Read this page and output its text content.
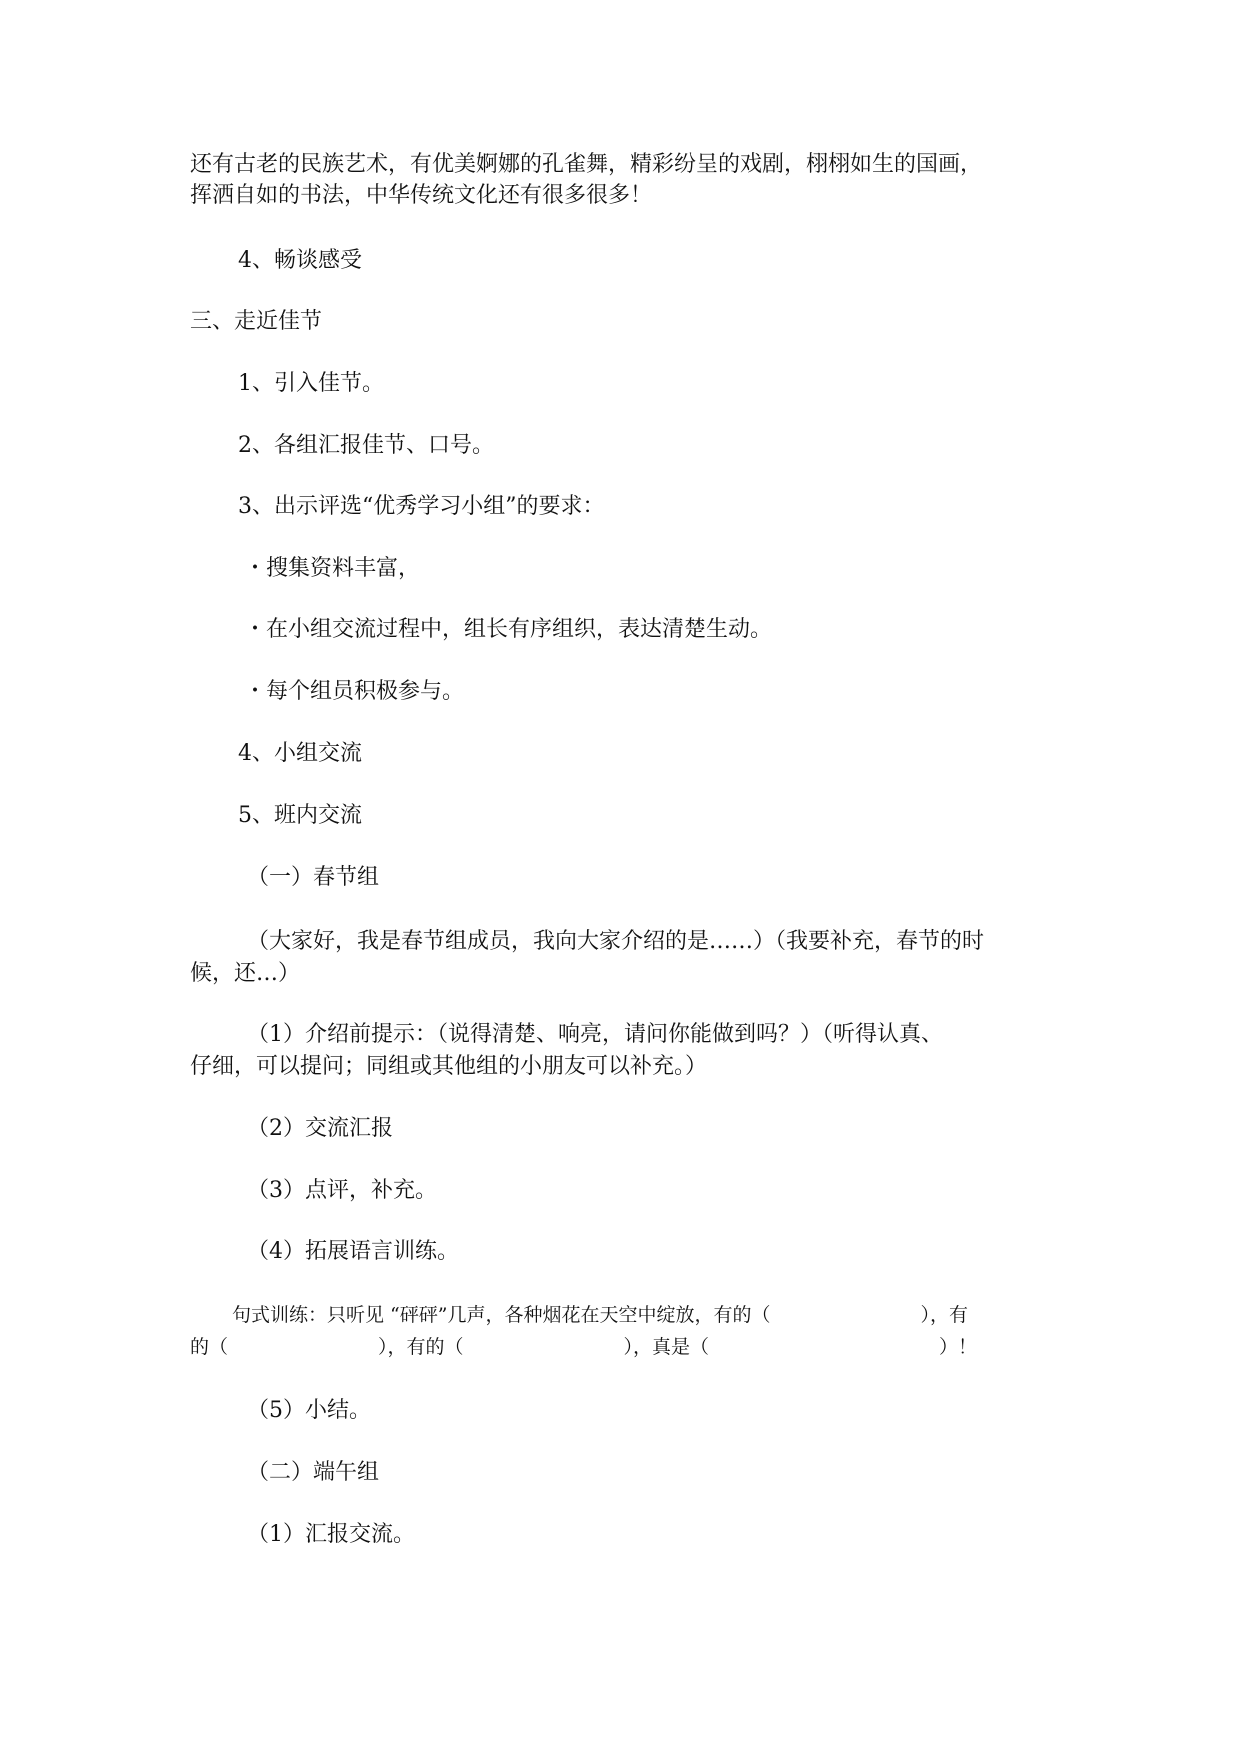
还有古老的民族艺术，有优美婀娜的孔雀舞，精彩纷呈的戏剧，栩栩如生的国画，
挥洒自如的书法，中华传统文化还有很多很多！
4、畅谈感受
三、走近佳节
1、引入佳节。
2、各组汇报佳节、口号。
3、出示评选“优秀学习小组”的要求：
・搜集资料丰富，
・在小组交流过程中，组长有序组织，表达清楚生动。
・每个组员积极参与。
4、小组交流
5、班内交流
（一）春节组
（大家好，我是春节组成员，我向大家介绍的是……）（我要补充，春节的时
候，还…）
（1）介绍前提示：（说得清楚、响亮，请问你能做到吗？）（听得认真、
仔细，可以提问；同组或其他组的小朋友可以补充。）
（2）交流汇报
（3）点评，补充。
（4）拓展语言训练。
句式训练：只听见 “砰砰”几声，各种烟花在天空中绽放，有的（	），有
的（	），有的（	），真是（	）！
（5）小结。
（二）端午组
（1）汇报交流。
